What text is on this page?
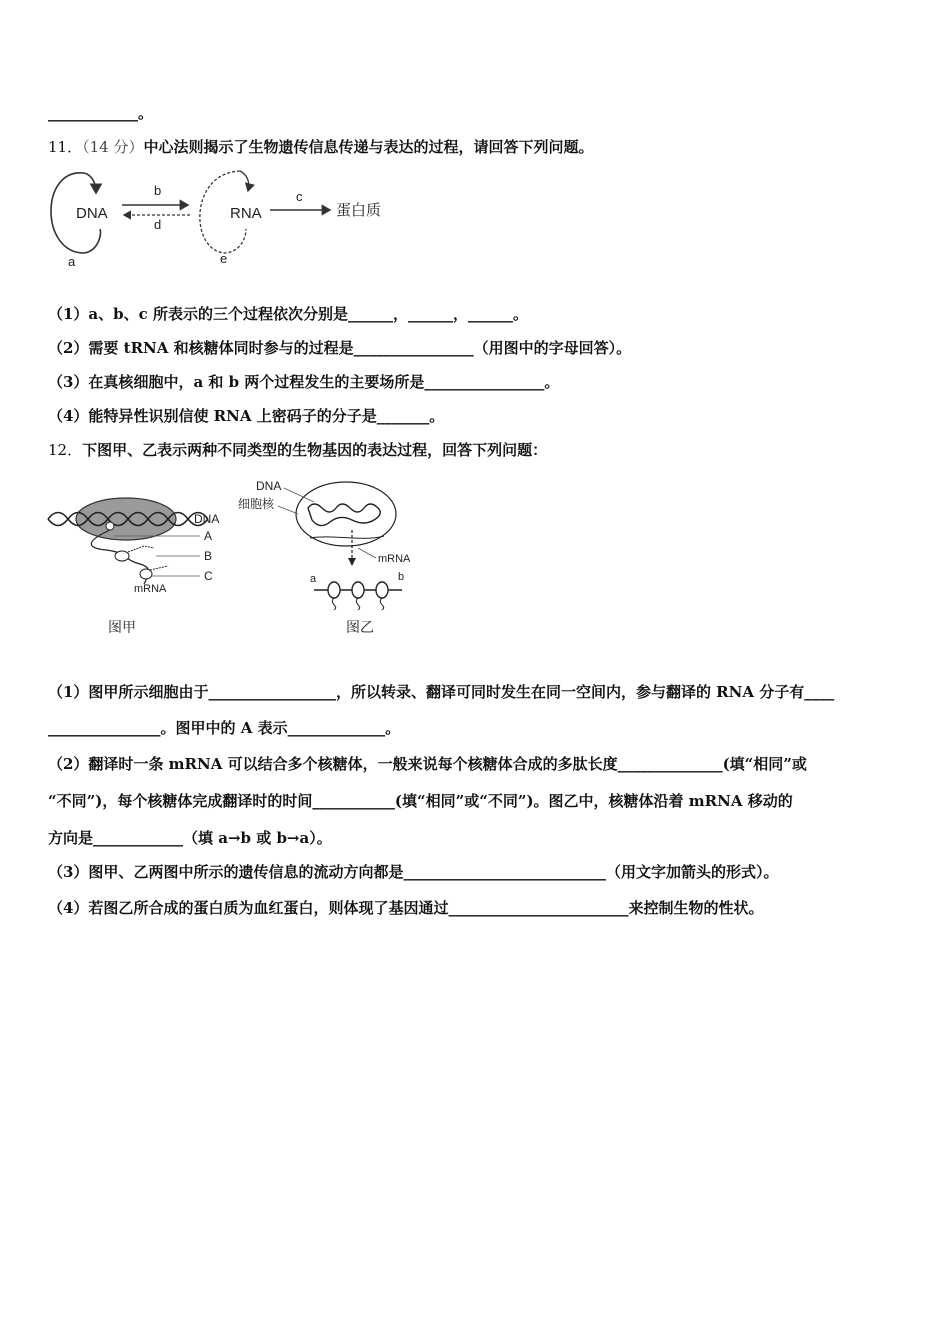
____________。
11．（14 分）中心法则揭示了生物遗传信息传递与表达的过程，请回答下列问题。
DNA
a
b
d
RNA
e
c
蛋白质
（1）a、b、c 所表示的三个过程依次分别是______，______，______。
（2）需要 tRNA 和核糖体同时参与的过程是________________（用图中的字母回答）。
（3）在真核细胞中，a 和 b 两个过程发生的主要场所是________________。
（4）能特异性识别信使 RNA 上密码子的分子是_______。
12．下图甲、乙表示两种不同类型的生物基因的表达过程，回答下列问题：
DNA
A
B
C
mRNA
图甲
DNA
细胞核
mRNA
a	b
图乙
（1）图甲所示细胞由于_________________，所以转录、翻译可同时发生在同一空间内，参与翻译的 RNA 分子有____
_______________。图甲中的 A 表示_____________。
（2）翻译时一条 mRNA 可以结合多个核糖体，一般来说每个核糖体合成的多肽长度______________(填“相同”或
“不同”)，每个核糖体完成翻译时的时间___________(填“相同”或“不同”)。图乙中，核糖体沿着 mRNA 移动的
方向是____________（填 a→b 或 b→a）。
（3）图甲、乙两图中所示的遗传信息的流动方向都是___________________________（用文字加箭头的形式）。
（4）若图乙所合成的蛋白质为血红蛋白，则体现了基因通过________________________来控制生物的性状。
